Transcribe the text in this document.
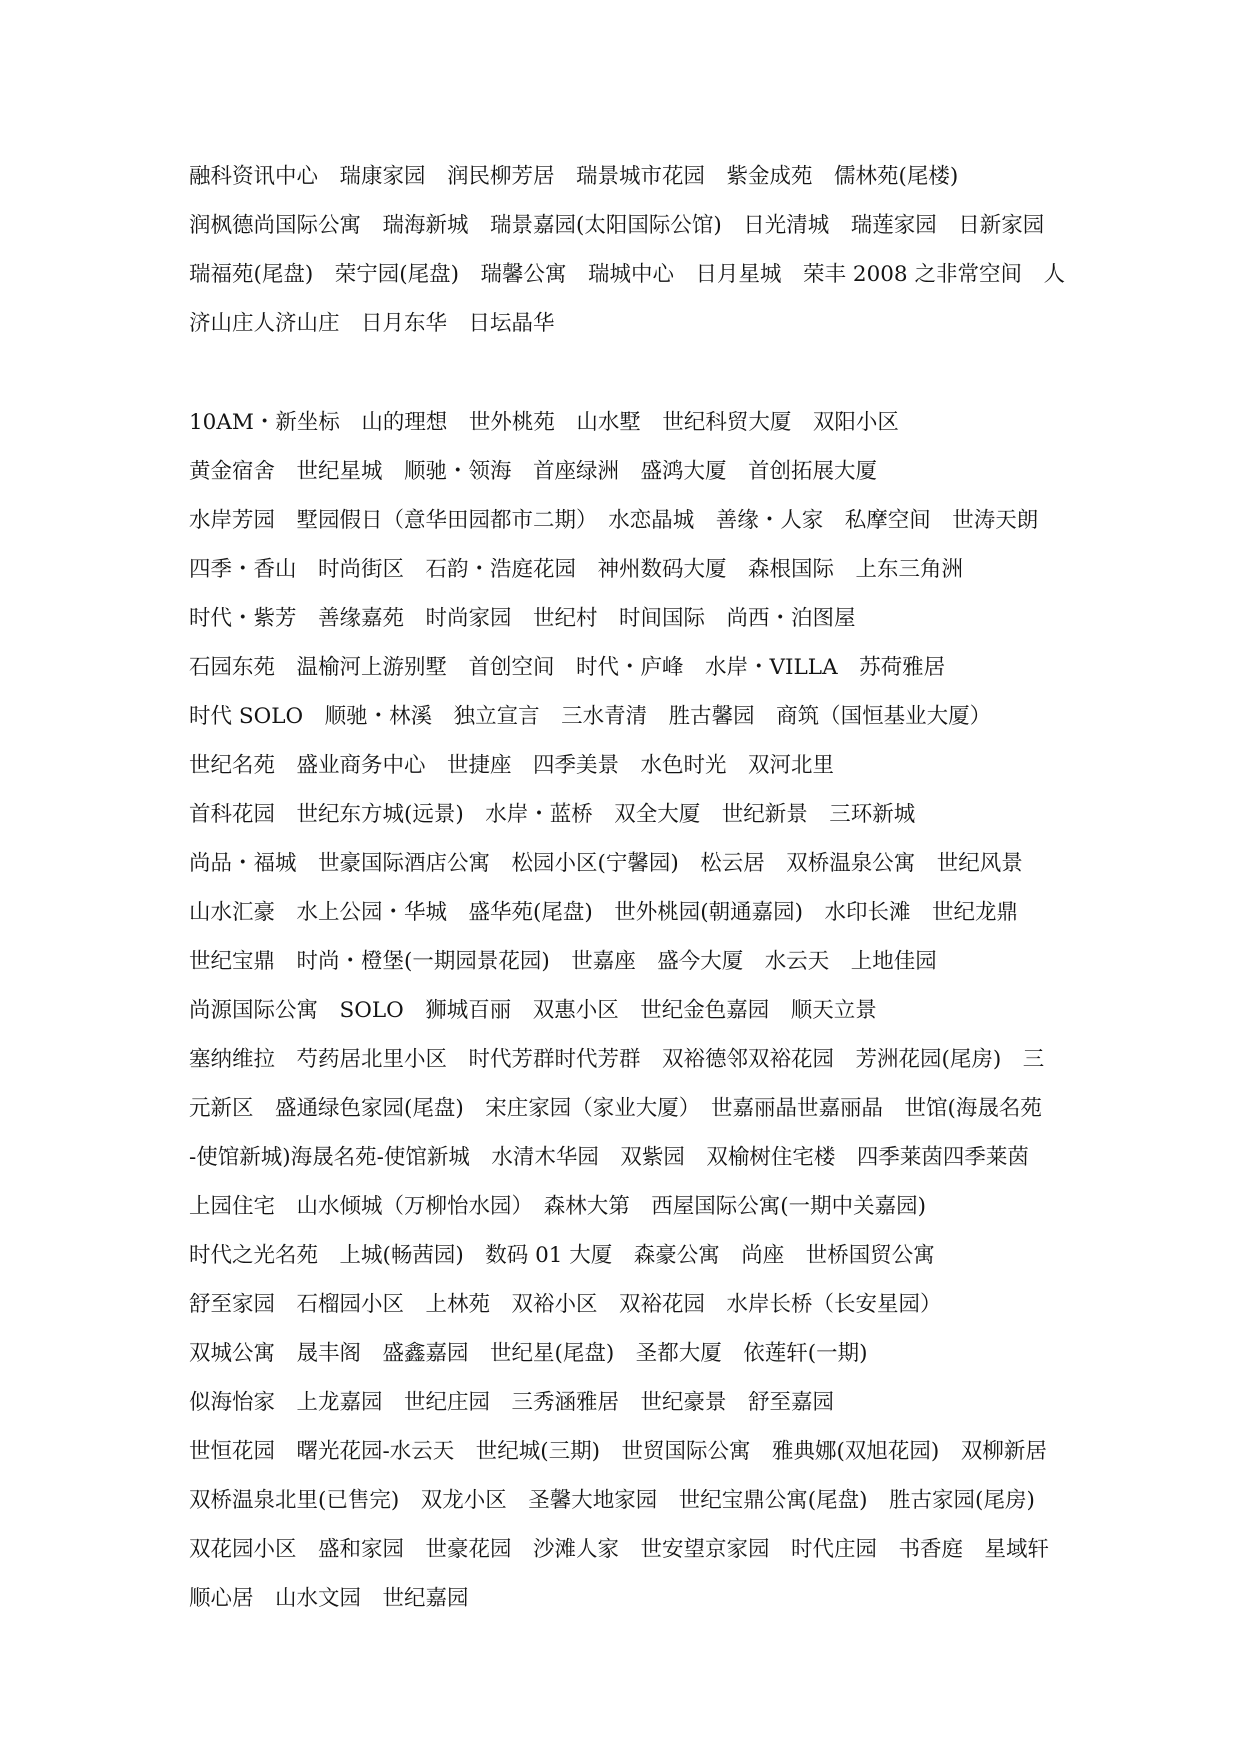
融科资讯中心　瑞康家园　润民柳芳居　瑞景城市花园　紫金成苑　儒林苑(尾楼)
润枫德尚国际公寓　瑞海新城　瑞景嘉园(太阳国际公馆)　日光清城　瑞莲家园　日新家园
瑞福苑(尾盘)　荣宁园(尾盘)　瑞馨公寓　瑞城中心　日月星城　荣丰 2008 之非常空间　人
济山庄人济山庄　日月东华　日坛晶华
10AM・新坐标　山的理想　世外桃苑　山水墅　世纪科贸大厦　双阳小区
黄金宿舍　世纪星城　顺驰・领海　首座绿洲　盛鸿大厦　首创拓展大厦
水岸芳园　墅园假日（意华田园都市二期）　水恋晶城　善缘・人家　私摩空间　世涛天朗
四季・香山　时尚街区　石韵・浩庭花园　神州数码大厦　森根国际　上东三角洲
时代・紫芳　善缘嘉苑　时尚家园　世纪村　时间国际　尚西・泊图屋
石园东苑　温榆河上游别墅　首创空间　时代・庐峰　水岸・VILLA　苏荷雅居
时代 SOLO　顺驰・林溪　独立宣言　三水青清　胜古馨园　商筑（国恒基业大厦）
世纪名苑　盛业商务中心　世捷座　四季美景　水色时光　双河北里
首科花园　世纪东方城(远景)　水岸・蓝桥　双全大厦　世纪新景　三环新城
尚品・福城　世豪国际酒店公寓　松园小区(宁馨园)　松云居　双桥温泉公寓　世纪风景
山水汇豪　水上公园・华城　盛华苑(尾盘)　世外桃园(朝通嘉园)　水印长滩　世纪龙鼎
世纪宝鼎　时尚・橙堡(一期园景花园)　世嘉座　盛今大厦　水云天　上地佳园
尚源国际公寓　SOLO　狮城百丽　双惠小区　世纪金色嘉园　顺天立景
塞纳维拉　芍药居北里小区　时代芳群时代芳群　双裕德邻双裕花园　芳洲花园(尾房)　三
元新区　盛通绿色家园(尾盘)　宋庄家园（家业大厦）　世嘉丽晶世嘉丽晶　世馆(海晟名苑
-使馆新城)海晟名苑-使馆新城　水清木华园　双紫园　双榆树住宅楼　四季莱茵四季莱茵
上园住宅　山水倾城（万柳怡水园）　森林大第　西屋国际公寓(一期中关嘉园)
时代之光名苑　上城(畅茜园)　数码 01 大厦　森豪公寓　尚座　世桥国贸公寓
舒至家园　石榴园小区　上林苑　双裕小区　双裕花园　水岸长桥（长安星园）
双城公寓　晟丰阁　盛鑫嘉园　世纪星(尾盘)　圣都大厦　依莲轩(一期)
似海怡家　上龙嘉园　世纪庄园　三秀涵雅居　世纪豪景　舒至嘉园
世恒花园　曙光花园-水云天　世纪城(三期)　世贸国际公寓　雅典娜(双旭花园)　双柳新居
双桥温泉北里(已售完)　双龙小区　圣馨大地家园　世纪宝鼎公寓(尾盘)　胜古家园(尾房)
双花园小区　盛和家园　世豪花园　沙滩人家　世安望京家园　时代庄园　书香庭　星域轩
顺心居　山水文园　世纪嘉园
